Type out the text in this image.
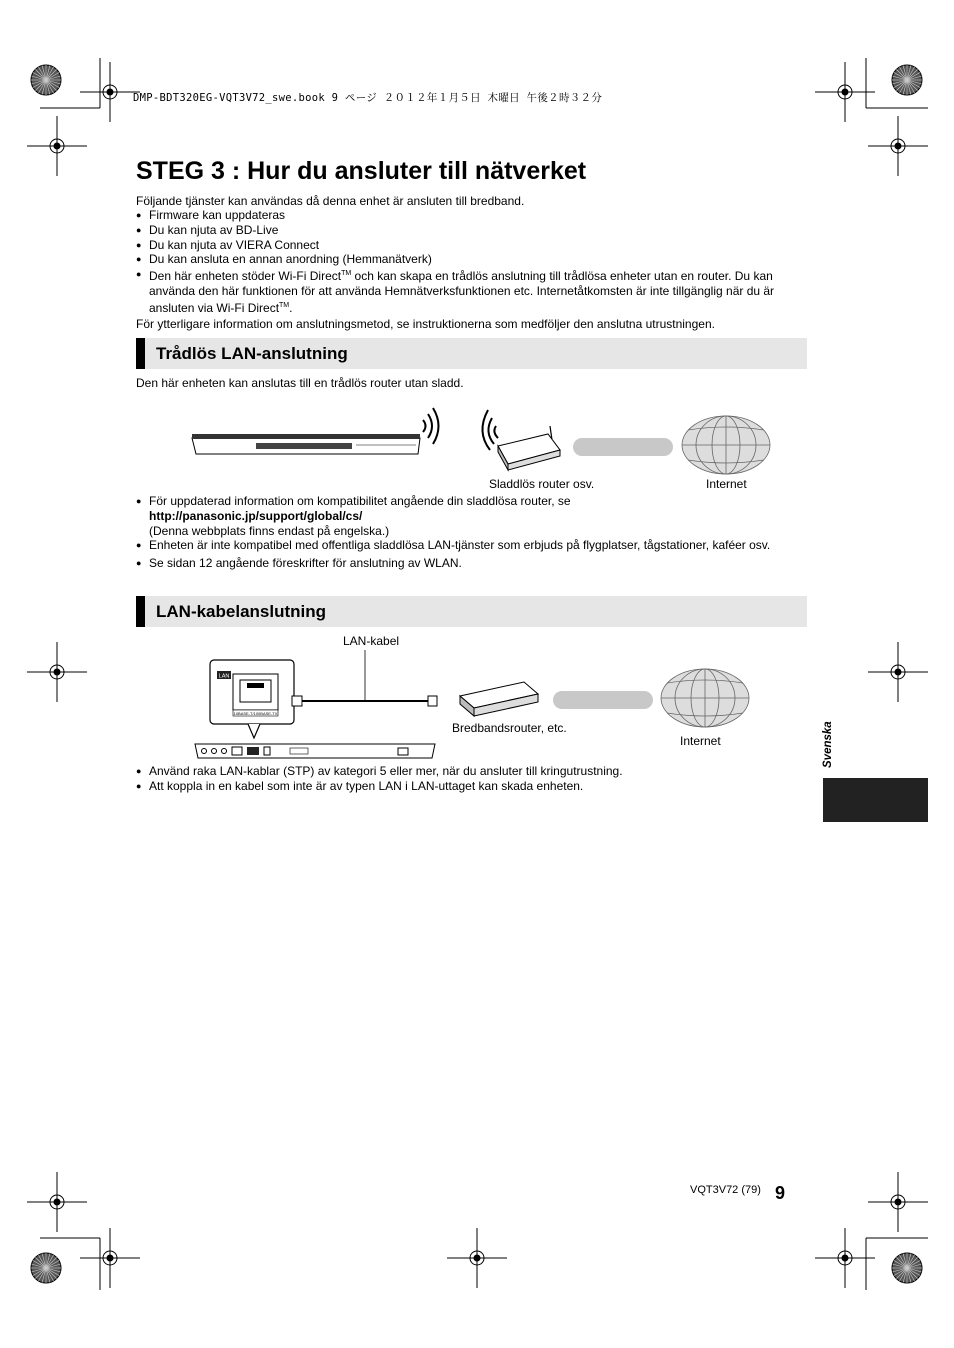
DMP-BDT320EG-VQT3V72_swe.book 9 ページ ２０１２年１月５日 木曜日 午後２時３２分
STEG 3 : Hur du ansluter till nätverket
Följande tjänster kan användas då denna enhet är ansluten till bredband.
● Firmware kan uppdateras
● Du kan njuta av BD-Live
● Du kan njuta av VIERA Connect
● Du kan ansluta en annan anordning (Hemmanätverk)
● Den här enheten stöder Wi-Fi Direct™ och kan skapa en trådlös anslutning till trådlösa enheter utan en router. Du kan använda den här funktionen för att använda Hemnätverksfunktionen etc. Internetåtkomsten är inte tillgänglig när du är ansluten via Wi-Fi Direct™.
För ytterligare information om anslutningsmetod, se instruktionerna som medföljer den anslutna utrustningen.
Trådlös LAN-anslutning
Den här enheten kan anslutas till en trådlös router utan sladd.
Sladdlös router osv.	Internet
● För uppdaterad information om kompatibilitet angående din sladdlösa router, se
http://panasonic.jp/support/global/cs/
(Denna webbplats finns endast på engelska.)
● Enheten är inte kompatibel med offentliga sladdlösa LAN-tjänster som erbjuds på flygplatser, tågstationer, kaféer osv.
● Se sidan 12 angående föreskrifter för anslutning av WLAN.
LAN-kabelanslutning
LAN-kabel
LAN
10BASE-T/100BASE-TX
Bredbandsrouter, etc.
Internet
● Använd raka LAN-kablar (STP) av kategori 5 eller mer, när du ansluter till kringutrustning.
● Att koppla in en kabel som inte är av typen LAN i LAN-uttaget kan skada enheten.
Svenska
VQT3V72 (79) 9
